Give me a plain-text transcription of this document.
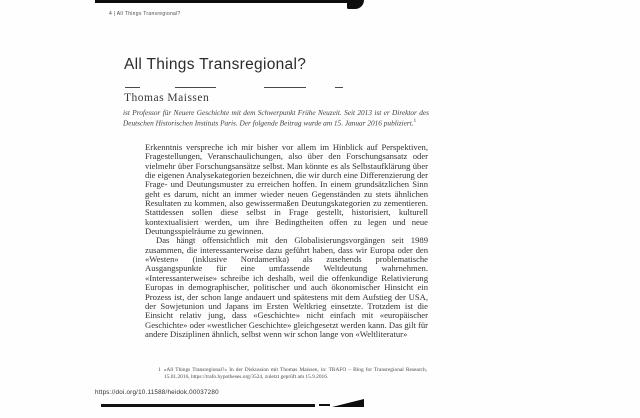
4 | All Things Transregional?
All Things Transregional?
Thomas Maissen

ist Professor für Neuere Geschichte mit dem Schwerpunkt Frühe Neuzeit. Seit 2013 ist er Direktor des Deutschen Historischen Instituts Paris. Der folgende Beitrag wurde am 15. Januar 2016 publiziert.$^1$

Erkenntnis verspreche ich mir bisher vor allem im Hinblick auf Perspektiven, Fragestellungen, Veranschaulichungen, also über den Forschungsansatz oder vielmehr über Forschungsansätze selbst. Man könnte es als Selbstaufklärung über die eigenen Analysekategorien bezeichnen, die wir durch eine Differenzierung der Frage- und Deutungsmuster zu erreichen hoffen. In einem grundsätzlichen Sinn geht es darum, nicht an immer wieder neuen Gegenständen zu stets ähnlichen Resultaten zu kommen, also gewissermaßen Deutungskategorien zu zementieren. Stattdessen sollen diese selbst in Frage gestellt, historisiert, kulturell kontextualisiert werden, um ihre Bedingtheiten offen zu legen und neue Deutungsspielräume zu gewinnen.

Das hängt offensichtlich mit den Globalisierungsvorgängen seit 1989 zusammen, die interessanterweise dazu geführt haben, dass wir Europa oder den «Westen» (inklusive Nordamerika) als zusehends problematische Ausgangspunkte für eine umfassende Weltdeutung wahrnehmen. «Interessanterweise» schreibe ich deshalb, weil die offenkundige Relativierung Europas in demographischer, politischer und auch ökonomischer Hinsicht ein Prozess ist, der schon lange andauert und spätestens mit dem Aufstieg der USA, der Sowjetunion und Japans im Ersten Weltkrieg einsetzte. Trotzdem ist die Einsicht relativ jung, dass «Geschichte» nicht einfach mit «europäischer Geschichte» oder «westlicher Geschichte» gleichgesetzt werden kann. Das gilt für andere Disziplinen ähnlich, selbst wenn wir schon lange von «Weltliteratur»

1 «All Things Transregional?» In der Diskussion mit Thomas Maissen, in: TRAFO – Blog for Transregional Research, 15.01.2016, https://trafo.hypotheses.org/3524, zuletzt geprüft am 15.9.2016.
https://doi.org/10.11588/heidok.00037280
